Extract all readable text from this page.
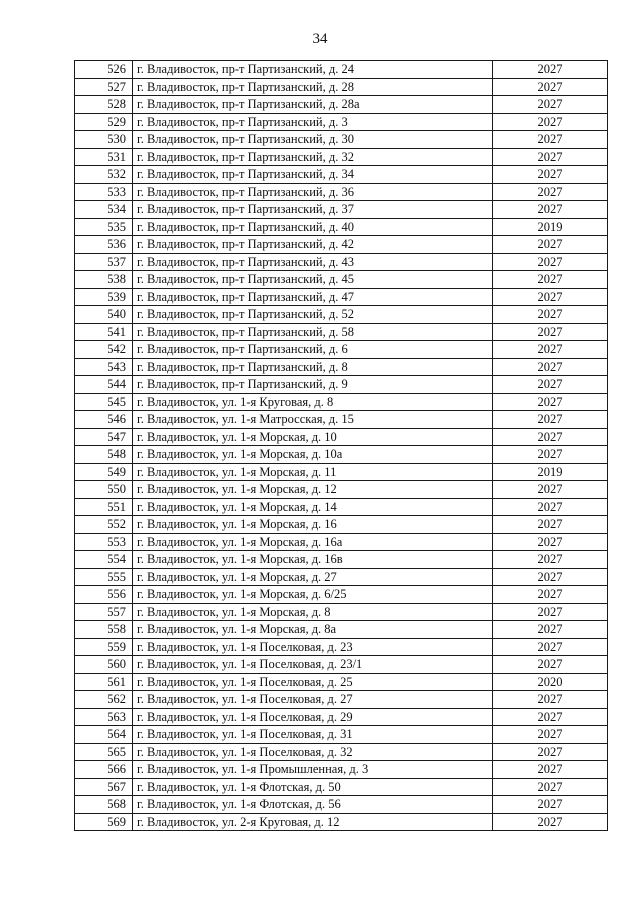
34
526	г. Владивосток, пр-т Партизанский, д. 24	2027
527	г. Владивосток, пр-т Партизанский, д. 28	2027
528	г. Владивосток, пр-т Партизанский, д. 28а	2027
529	г. Владивосток, пр-т Партизанский, д. 3	2027
530	г. Владивосток, пр-т Партизанский, д. 30	2027
531	г. Владивосток, пр-т Партизанский, д. 32	2027
532	г. Владивосток, пр-т Партизанский, д. 34	2027
533	г. Владивосток, пр-т Партизанский, д. 36	2027
534	г. Владивосток, пр-т Партизанский, д. 37	2027
535	г. Владивосток, пр-т Партизанский, д. 40	2019
536	г. Владивосток, пр-т Партизанский, д. 42	2027
537	г. Владивосток, пр-т Партизанский, д. 43	2027
538	г. Владивосток, пр-т Партизанский, д. 45	2027
539	г. Владивосток, пр-т Партизанский, д. 47	2027
540	г. Владивосток, пр-т Партизанский, д. 52	2027
541	г. Владивосток, пр-т Партизанский, д. 58	2027
542	г. Владивосток, пр-т Партизанский, д. 6	2027
543	г. Владивосток, пр-т Партизанский, д. 8	2027
544	г. Владивосток, пр-т Партизанский, д. 9	2027
545	г. Владивосток, ул. 1-я Круговая, д. 8	2027
546	г. Владивосток, ул. 1-я Матросская, д. 15	2027
547	г. Владивосток, ул. 1-я Морская, д. 10	2027
548	г. Владивосток, ул. 1-я Морская, д. 10а	2027
549	г. Владивосток, ул. 1-я Морская, д. 11	2019
550	г. Владивосток, ул. 1-я Морская, д. 12	2027
551	г. Владивосток, ул. 1-я Морская, д. 14	2027
552	г. Владивосток, ул. 1-я Морская, д. 16	2027
553	г. Владивосток, ул. 1-я Морская, д. 16а	2027
554	г. Владивосток, ул. 1-я Морская, д. 16в	2027
555	г. Владивосток, ул. 1-я Морская, д. 27	2027
556	г. Владивосток, ул. 1-я Морская, д. 6/25	2027
557	г. Владивосток, ул. 1-я Морская, д. 8	2027
558	г. Владивосток, ул. 1-я Морская, д. 8а	2027
559	г. Владивосток, ул. 1-я Поселковая, д. 23	2027
560	г. Владивосток, ул. 1-я Поселковая, д. 23/1	2027
561	г. Владивосток, ул. 1-я Поселковая, д. 25	2020
562	г. Владивосток, ул. 1-я Поселковая, д. 27	2027
563	г. Владивосток, ул. 1-я Поселковая, д. 29	2027
564	г. Владивосток, ул. 1-я Поселковая, д. 31	2027
565	г. Владивосток, ул. 1-я Поселковая, д. 32	2027
566	г. Владивосток, ул. 1-я Промышленная, д. 3	2027
567	г. Владивосток, ул. 1-я Флотская, д. 50	2027
568	г. Владивосток, ул. 1-я Флотская, д. 56	2027
569	г. Владивосток, ул. 2-я Круговая, д. 12	2027
